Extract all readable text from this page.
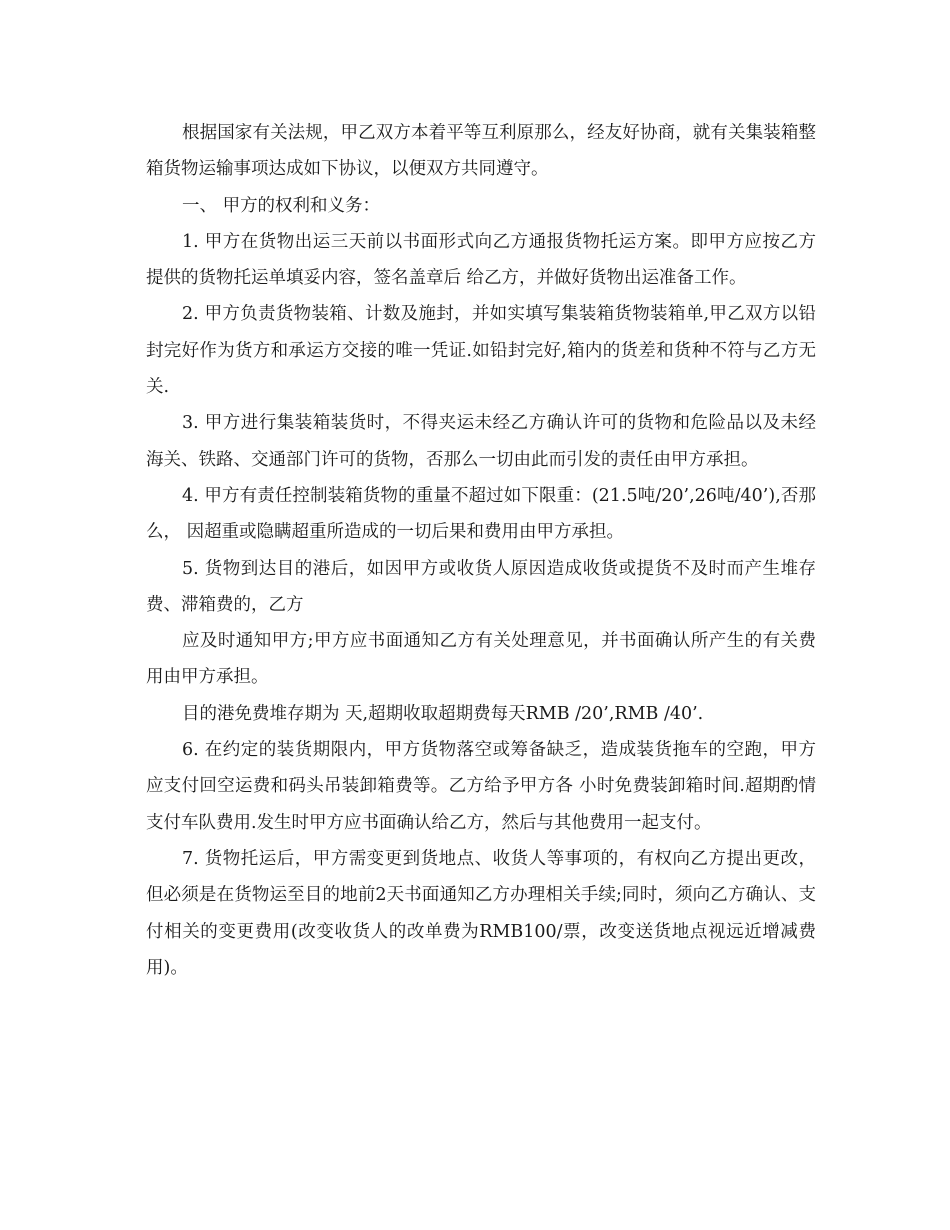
根据国家有关法规，甲乙双方本着平等互利原那么，经友好协商，就有关集装箱整箱货物运输事项达成如下协议，以便双方共同遵守。

一、 甲方的权利和义务：

1. 甲方在货物出运三天前以书面形式向乙方通报货物托运方案。即甲方应按乙方提供的货物托运单填妥内容，签名盖章后 给乙方，并做好货物出运准备工作。

2. 甲方负责货物装箱、计数及施封，并如实填写集装箱货物装箱单,甲乙双方以铅封完好作为货方和承运方交接的唯一凭证.如铅封完好,箱内的货差和货种不符与乙方无关.

3. 甲方进行集装箱装货时，不得夹运未经乙方确认许可的货物和危险品以及未经海关、铁路、交通部门许可的货物，否那么一切由此而引发的责任由甲方承担。

4. 甲方有责任控制装箱货物的重量不超过如下限重：(21.5吨/20’,26吨/40’),否那么， 因超重或隐瞒超重所造成的一切后果和费用由甲方承担。

5. 货物到达目的港后，如因甲方或收货人原因造成收货或提货不及时而产生堆存费、滞箱费的，乙方

应及时通知甲方;甲方应书面通知乙方有关处理意见，并书面确认所产生的有关费用由甲方承担。

目的港免费堆存期为 天,超期收取超期费每天RMB /20’,RMB /40’.

6. 在约定的装货期限内，甲方货物落空或筹备缺乏，造成装货拖车的空跑，甲方应支付回空运费和码头吊装卸箱费等。乙方给予甲方各 小时免费装卸箱时间.超期酌情支付车队费用.发生时甲方应书面确认给乙方，然后与其他费用一起支付。

7. 货物托运后，甲方需变更到货地点、收货人等事项的，有权向乙方提出更改，但必须是在货物运至目的地前2天书面通知乙方办理相关手续;同时，须向乙方确认、支付相关的变更费用(改变收货人的改单费为RMB100/票，改变送货地点视远近增减费用)。
